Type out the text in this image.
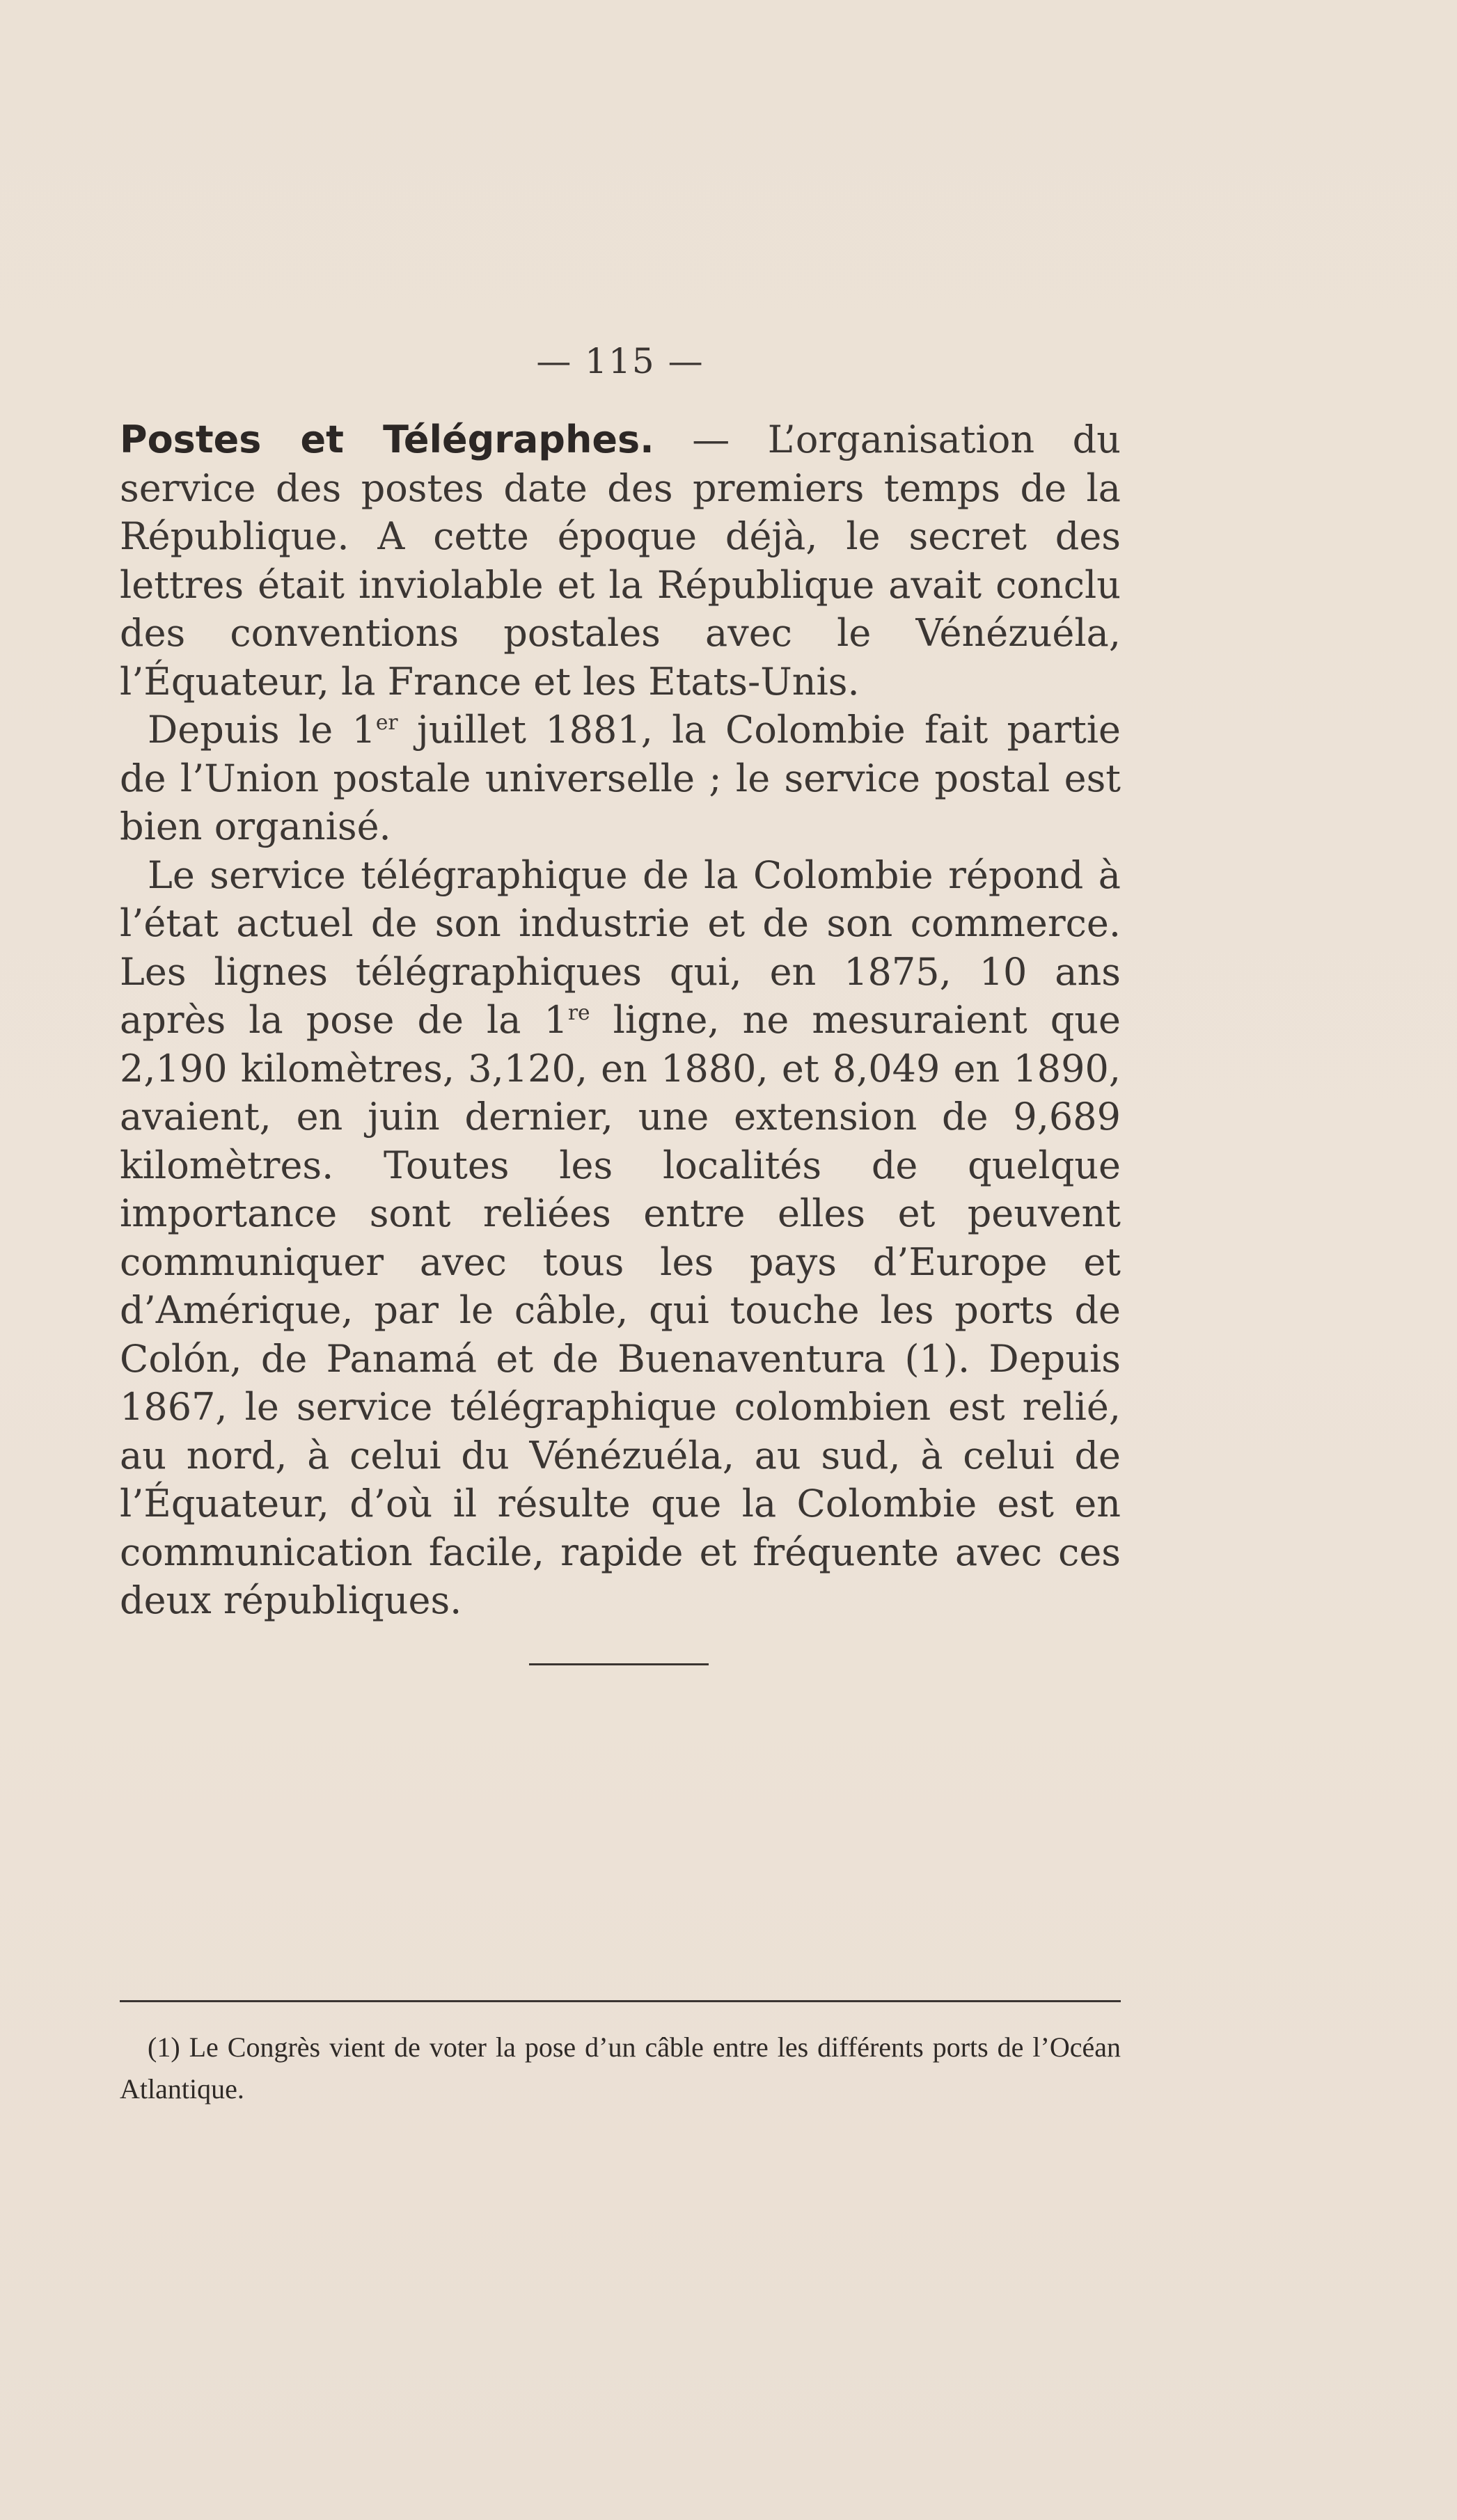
— 115 —

Postes et Télégraphes. — L’organisation du service des postes date des premiers temps de la République. A cette époque déjà, le secret des lettres était inviolable et la République avait conclu des conventions postales avec le Vénézuéla, l’Équateur, la France et les Etats-Unis.

Depuis le 1er juillet 1881, la Colombie fait partie de l’Union postale universelle ; le service postal est bien organisé.

Le service télégraphique de la Colombie répond à l’état actuel de son industrie et de son commerce. Les lignes télégraphiques qui, en 1875, 10 ans après la pose de la 1re ligne, ne mesuraient que 2,190 kilomètres, 3,120, en 1880, et 8,049 en 1890, avaient, en juin dernier, une extension de 9,689 kilomètres. Toutes les localités de quelque importance sont reliées entre elles et peuvent communiquer avec tous les pays d’Europe et d’Amérique, par le câble, qui touche les ports de Colón, de Panamá et de Buenaventura (1). Depuis 1867, le service télégraphique colombien est relié, au nord, à celui du Vénézuéla, au sud, à celui de l’Équateur, d’où il résulte que la Colombie est en communication facile, rapide et fréquente avec ces deux républiques.

(1) Le Congrès vient de voter la pose d’un câble entre les différents ports de l’Océan Atlantique.
